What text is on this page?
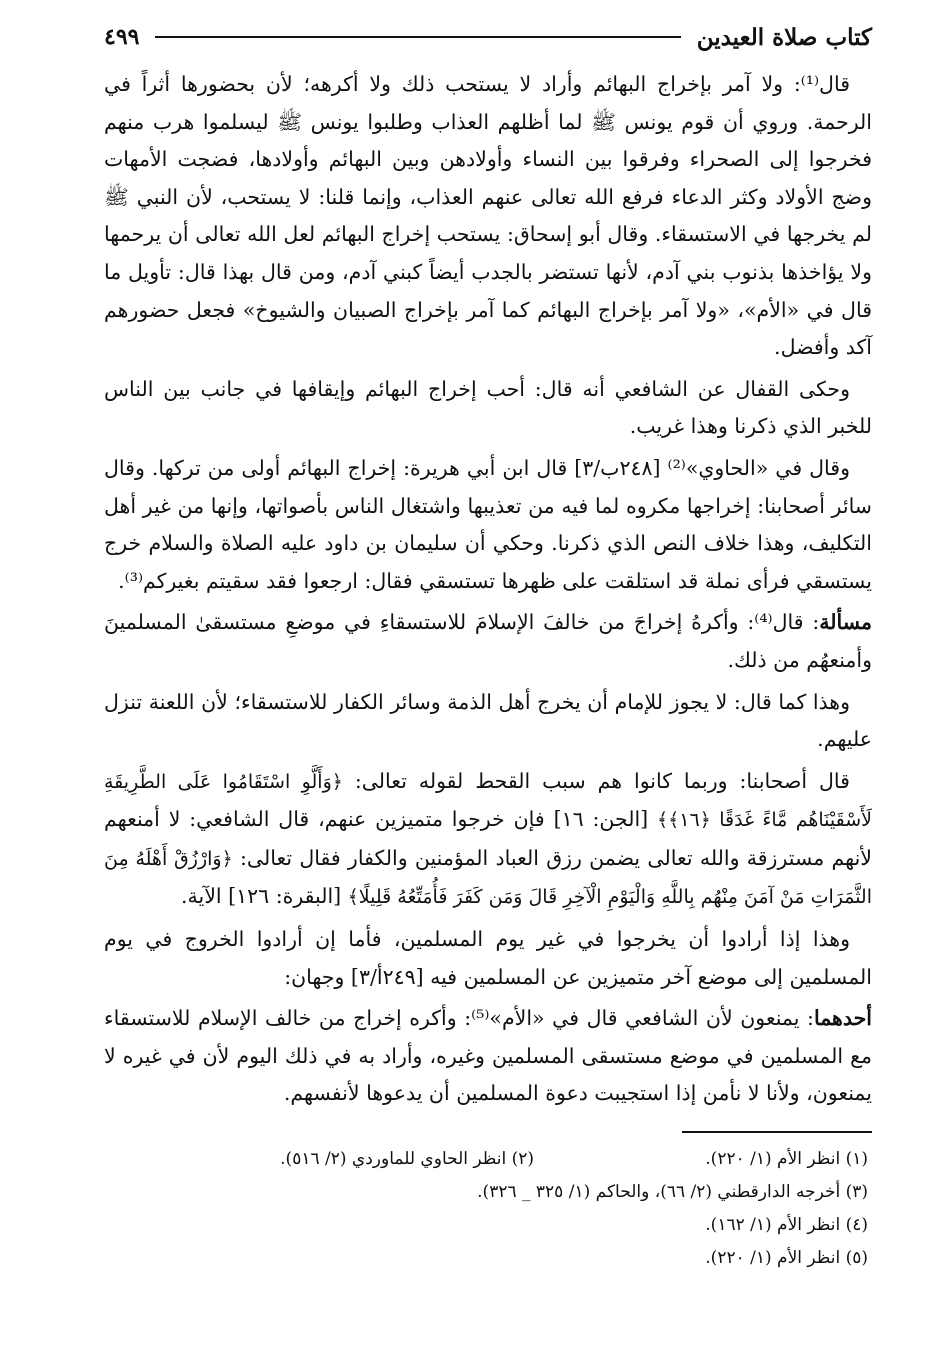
كتاب صلاة العيدين
٤٩٩

قال⁽¹⁾: ولا آمر بإخراج البهائم وأراد لا يستحب ذلك ولا أكرهه؛ لأن بحضورها أثراً في الرحمة. وروي أن قوم يونس ﷺ لما أظلهم العذاب وطلبوا يونس ﷺ ليسلموا هرب منهم فخرجوا إلى الصحراء وفرقوا بين النساء وأولادهن وبين البهائم وأولادها، فضجت الأمهات وضج الأولاد وكثر الدعاء فرفع الله تعالى عنهم العذاب، وإنما قلنا: لا يستحب، لأن النبي ﷺ لم يخرجها في الاستسقاء. وقال أبو إسحاق: يستحب إخراج البهائم لعل الله تعالى أن يرحمها ولا يؤاخذها بذنوب بني آدم، لأنها تستضر بالجدب أيضاً كبني آدم، ومن قال بهذا قال: تأويل ما قال في «الأم»، «ولا آمر بإخراج البهائم كما آمر بإخراج الصبيان والشيوخ» فجعل حضورهم آكد وأفضل.

وحكى القفال عن الشافعي أنه قال: أحب إخراج البهائم وإيقافها في جانب بين الناس للخبر الذي ذكرنا وهذا غريب.

وقال في «الحاوي»⁽²⁾ [٢٤٨ب/٣] قال ابن أبي هريرة: إخراج البهائم أولى من تركها. وقال سائر أصحابنا: إخراجها مكروه لما فيه من تعذيبها واشتغال الناس بأصواتها، وإنها من غير أهل التكليف، وهذا خلاف النص الذي ذكرنا. وحكي أن سليمان بن داود عليه الصلاة والسلام خرج يستسقي فرأى نملة قد استلقت على ظهرها تستسقي فقال: ارجعوا فقد سقيتم بغيركم⁽³⁾.

مسألة: قال⁽⁴⁾: وأكرهُ إخراجَ من خالفَ الإسلامَ للاستسقاءِ في موضعِ مستسقىٰ المسلمينَ وأمنعهُم من ذلك.

وهذا كما قال: لا يجوز للإمام أن يخرج أهل الذمة وسائر الكفار للاستسقاء؛ لأن اللعنة تنزل عليهم.

قال أصحابنا: وربما كانوا هم سبب القحط لقوله تعالى: ﴿وَأَلَّوِ اسْتَقَامُوا عَلَى الطَّرِيقَةِ لَأَسْقَيْنَاهُم مَّاءً غَدَقًا ﴿١٦﴾﴾ [الجن: ١٦] فإن خرجوا متميزين عنهم، قال الشافعي: لا أمنعهم لأنهم مسترزقة والله تعالى يضمن رزق العباد المؤمنين والكفار فقال تعالى: ﴿وَارْزُقْ أَهْلَهُ مِنَ الثَّمَرَاتِ مَنْ آمَنَ مِنْهُم بِاللَّهِ وَالْيَوْمِ الْآخِرِ قَالَ وَمَن كَفَرَ فَأُمَتِّعُهُ قَلِيلًا﴾ [البقرة: ١٢٦] الآية.

وهذا إذا أرادوا أن يخرجوا في غير يوم المسلمين، فأما إن أرادوا الخروج في يوم المسلمين إلى موضع آخر متميزين عن المسلمين فيه [٢٤٩أ/٣] وجهان:

أحدهما: يمنعون لأن الشافعي قال في «الأم»⁽⁵⁾: وأكره إخراج من خالف الإسلام للاستسقاء مع المسلمين في موضع مستسقى المسلمين وغيره، وأراد به في ذلك اليوم لأن في غيره لا يمنعون، ولأنا لا نأمن إذا استجيبت دعوة المسلمين أن يدعوها لأنفسهم.

(١) انظر الأم (١/ ٢٢٠).
(٢) انظر الحاوي للماوردي (٢/ ٥١٦).
(٣) أخرجه الدارقطني (٢/ ٦٦)، والحاكم (١/ ٣٢٥ _ ٣٢٦).
(٤) انظر الأم (١/ ١٦٢).
(٥) انظر الأم (١/ ٢٢٠).
